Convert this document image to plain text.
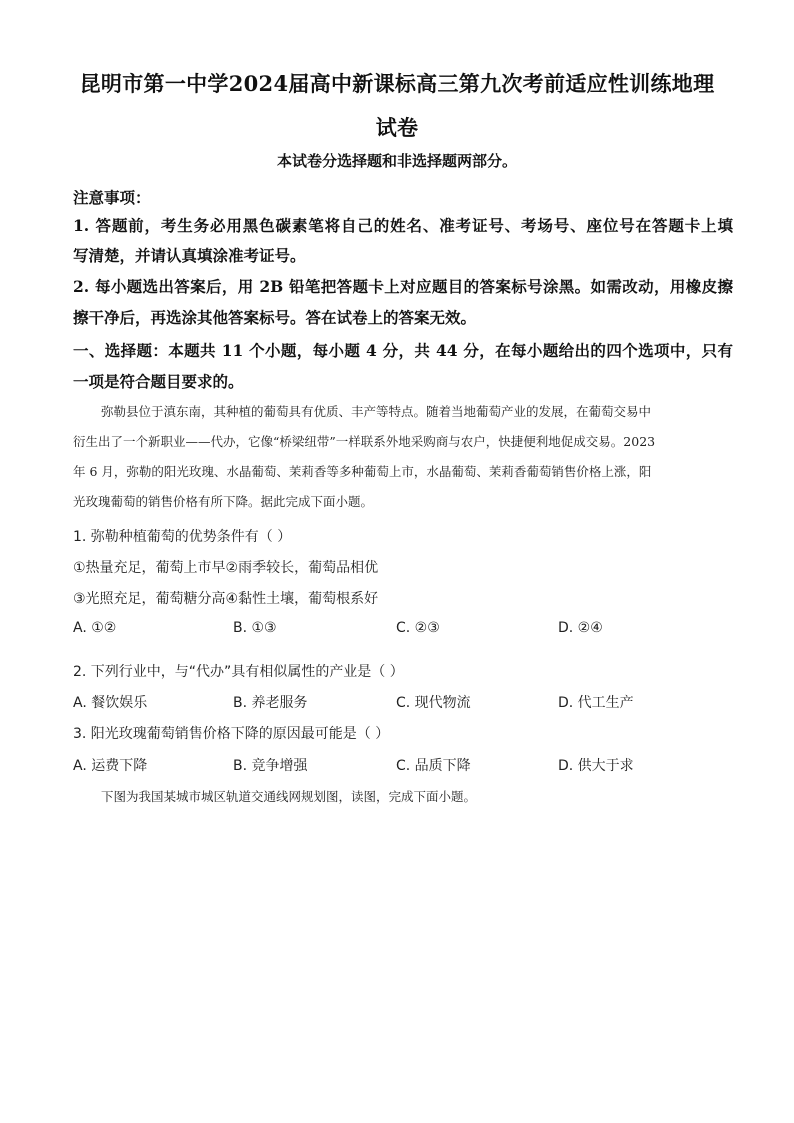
昆明市第一中学2024届高中新课标高三第九次考前适应性训练地理
试卷
本试卷分选择题和非选择题两部分。
注意事项：
1. 答题前，考生务必用黑色碳素笔将自己的姓名、准考证号、考场号、座位号在答题卡上填
写清楚，并请认真填涂准考证号。
2. 每小题选出答案后，用 2B 铅笔把答题卡上对应题目的答案标号涂黑。如需改动，用橡皮擦
擦干净后，再选涂其他答案标号。答在试卷上的答案无效。
一、选择题：本题共 11 个小题，每小题 4 分，共 44 分，在每小题给出的四个选项中，只有
一项是符合题目要求的。
弥勒县位于滇东南，其种植的葡萄具有优质、丰产等特点。随着当地葡萄产业的发展，在葡萄交易中
衍生出了一个新职业——代办，它像“桥梁纽带”一样联系外地采购商与农户，快捷便利地促成交易。2023
年 6 月，弥勒的阳光玫瑰、水晶葡萄、茉莉香等多种葡萄上市，水晶葡萄、茉莉香葡萄销售价格上涨，阳
光玫瑰葡萄的销售价格有所下降。据此完成下面小题。
1. 弥勒种植葡萄的优势条件有（ ）
①热量充足，葡萄上市早②雨季较长，葡萄品相优
③光照充足，葡萄糖分高④黏性土壤，葡萄根系好
A. ①②	B. ①③	C. ②③	D. ②④
2. 下列行业中，与“代办”具有相似属性的产业是（ ）
A. 餐饮娱乐	B. 养老服务	C. 现代物流	D. 代工生产
3. 阳光玫瑰葡萄销售价格下降的原因最可能是（ ）
A. 运费下降	B. 竞争增强	C. 品质下降	D. 供大于求
下图为我国某城市城区轨道交通线网规划图，读图，完成下面小题。
